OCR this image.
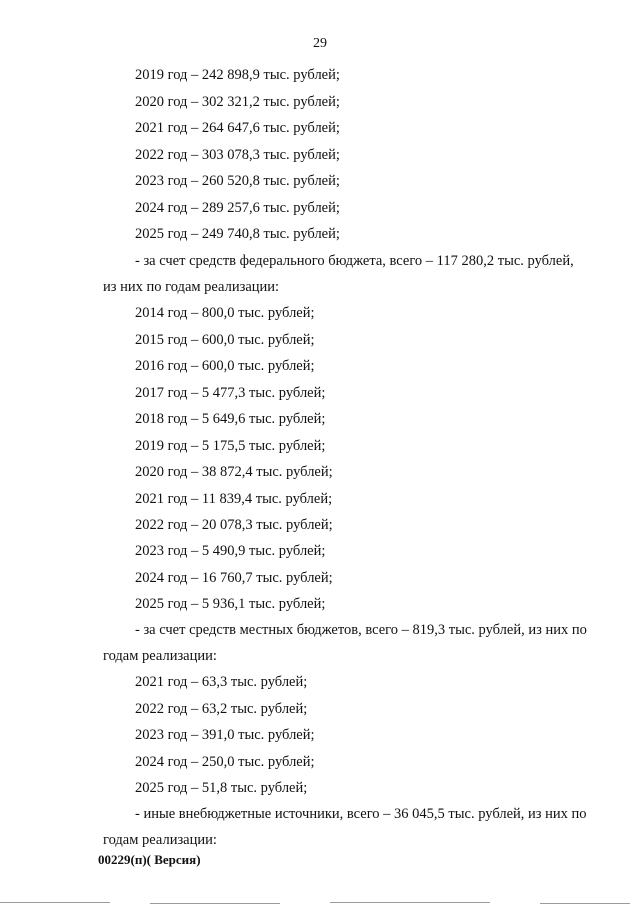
29
2019 год – 242 898,9 тыс. рублей;
2020 год – 302 321,2 тыс. рублей;
2021 год – 264 647,6 тыс. рублей;
2022 год – 303 078,3 тыс. рублей;
2023 год – 260 520,8 тыс. рублей;
2024 год – 289 257,6 тыс. рублей;
2025 год – 249 740,8 тыс. рублей;
- за счет средств федерального бюджета, всего – 117 280,2 тыс. рублей,
из них по годам реализации:
2014 год – 800,0 тыс. рублей;
2015 год – 600,0 тыс. рублей;
2016 год – 600,0 тыс. рублей;
2017 год – 5 477,3 тыс. рублей;
2018 год – 5 649,6 тыс. рублей;
2019 год – 5 175,5 тыс. рублей;
2020 год – 38 872,4 тыс. рублей;
2021 год – 11 839,4 тыс. рублей;
2022 год – 20 078,3 тыс. рублей;
2023 год – 5 490,9 тыс. рублей;
2024 год – 16 760,7 тыс. рублей;
2025 год – 5 936,1 тыс. рублей;
- за счет средств местных бюджетов, всего – 819,3 тыс. рублей, из них по
годам реализации:
2021 год – 63,3 тыс. рублей;
2022 год – 63,2 тыс. рублей;
2023 год – 391,0 тыс. рублей;
2024 год – 250,0 тыс. рублей;
2025 год – 51,8 тыс. рублей;
- иные внебюджетные источники, всего – 36 045,5 тыс. рублей, из них по
годам реализации:
00229(п)( Версия)
